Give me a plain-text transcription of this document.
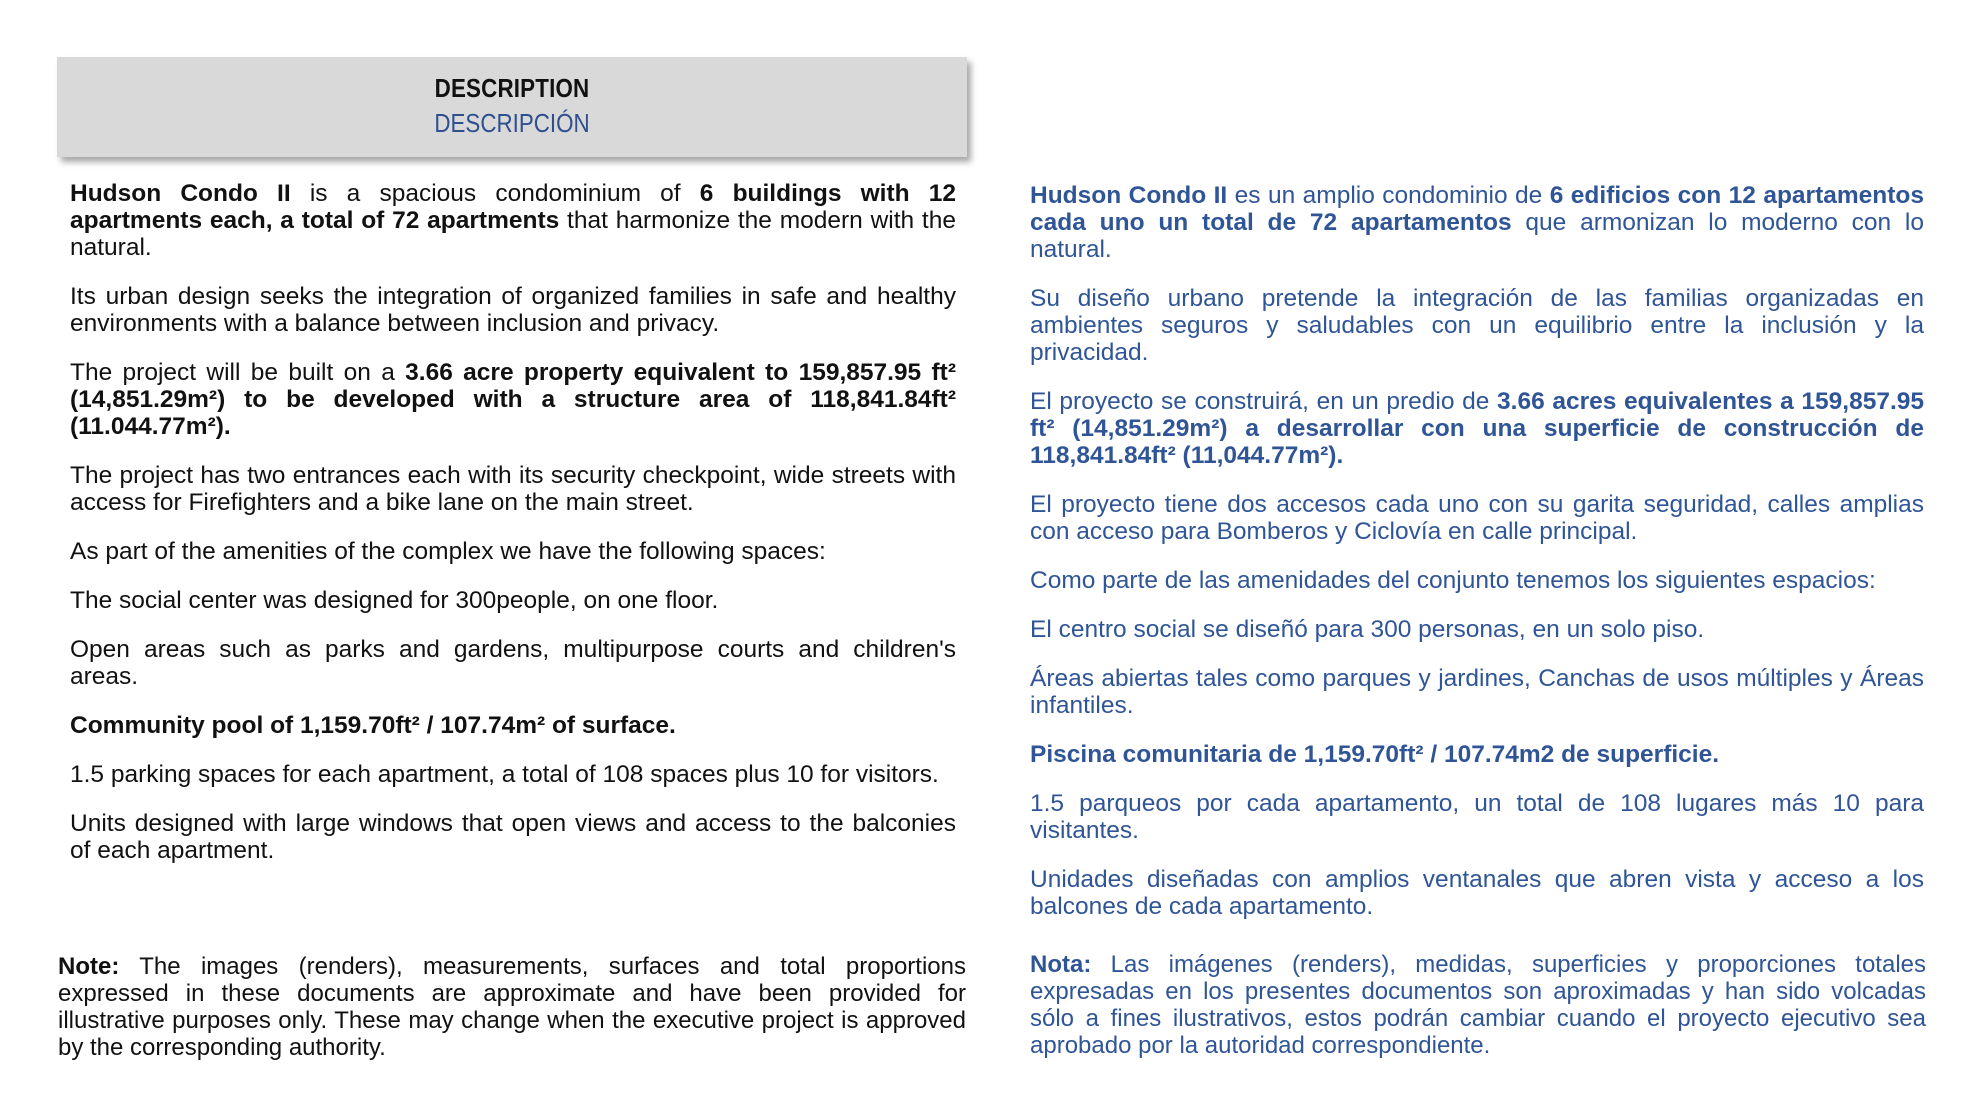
DESCRIPTION
DESCRIPCIÓN

Hudson Condo II is a spacious condominium of 6 buildings with 12 apartments each, a total of 72 apartments that harmonize the modern with the natural.

Its urban design seeks the integration of organized families in safe and healthy environments with a balance between inclusion and privacy.

The project will be built on a 3.66 acre property equivalent to 159,857.95 ft² (14,851.29m²) to be developed with a structure area of 118,841.84ft² (11.044.77m²).

The project has two entrances each with its security checkpoint, wide streets with access for Firefighters and a bike lane on the main street.

As part of the amenities of the complex we have the following spaces:

The social center was designed for 300people, on one floor.

Open areas such as parks and gardens, multipurpose courts and children's areas.

Community pool of 1,159.70ft² / 107.74m² of surface.

1.5 parking spaces for each apartment, a total of 108 spaces plus 10 for visitors.

Units designed with large windows that open views and access to the balconies of each apartment.

Note: The images (renders), measurements, surfaces and total proportions expressed in these documents are approximate and have been provided for illustrative purposes only. These may change when the executive project is approved by the corresponding authority.

Hudson Condo II es un amplio condominio de 6 edificios con 12 apartamentos cada uno un total de 72 apartamentos que armonizan lo moderno con lo natural.

Su diseño urbano pretende la integración de las familias organizadas en ambientes seguros y saludables con un equilibrio entre la inclusión y la privacidad.

El proyecto se construirá, en un predio de 3.66 acres equivalentes a 159,857.95 ft² (14,851.29m²) a desarrollar con una superficie de construcción de 118,841.84ft² (11,044.77m²).

El proyecto tiene dos accesos cada uno con su garita seguridad, calles amplias con acceso para Bomberos y Ciclovía en calle principal.

Como parte de las amenidades del conjunto tenemos los siguientes espacios:

El centro social se diseñó para 300 personas, en un solo piso.

Áreas abiertas tales como parques y jardines, Canchas de usos múltiples y Áreas infantiles.

Piscina comunitaria de 1,159.70ft² / 107.74m2 de superficie.

1.5 parqueos por cada apartamento, un total de 108 lugares más 10 para visitantes.

Unidades diseñadas con amplios ventanales que abren vista y acceso a los balcones de cada apartamento.

Nota: Las imágenes (renders), medidas, superficies y proporciones totales expresadas en los presentes documentos son aproximadas y han sido volcadas sólo a fines ilustrativos, estos podrán cambiar cuando el proyecto ejecutivo sea aprobado por la autoridad correspondiente.
